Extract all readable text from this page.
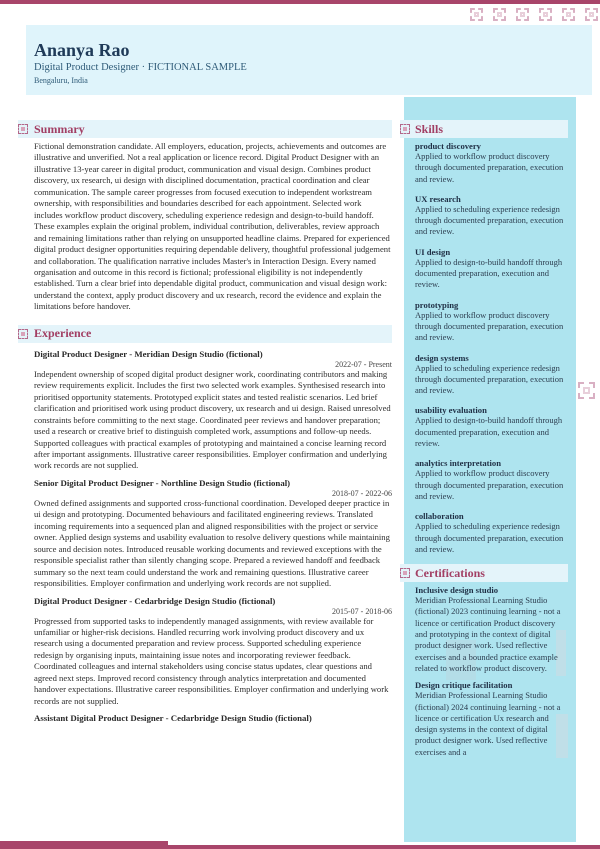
Ananya Rao
Digital Product Designer · FICTIONAL SAMPLE
Bengaluru, India
Summary

Fictional demonstration candidate. All employers, education, projects, achievements and outcomes are illustrative and unverified. Not a real application or licence record. Digital Product Designer with an illustrative 13-year career in digital product, communication and visual design. Combines product discovery, ux research, ui design with disciplined documentation, practical coordination and clear communication. The sample career progresses from focused execution to independent workstream ownership, with responsibilities and boundaries described for each appointment. Selected work includes workflow product discovery, scheduling experience redesign and design-to-build handoff. These examples explain the original problem, individual contribution, deliverables, review approach and remaining limitations rather than relying on unsupported headline claims. Prepared for experienced digital product designer opportunities requiring dependable delivery, thoughtful professional judgement and collaboration. The qualification narrative includes Master's in Interaction Design. Every named organisation and outcome in this record is fictional; professional eligibility is not independently established. Turn a clear brief into dependable digital product, communication and visual design work: understand the context, apply product discovery and ux research, record the evidence and explain the limitations before handover.

Experience
Digital Product Designer - Meridian Design Studio (fictional)
2022-07 - Present

Independent ownership of scoped digital product designer work, coordinating contributors and making review requirements explicit. Includes the first two selected work examples. Synthesised research into prioritised opportunity statements. Prototyped explicit states and tested realistic scenarios. Led brief clarification and prioritised work using product discovery, ux research and ui design. Raised unresolved constraints before committing to the next stage. Coordinated peer reviews and handover preparation; used a research or creative brief to distinguish completed work, assumptions and follow-up needs. Supported colleagues with practical examples of prototyping and maintained a concise learning record after important assignments. Illustrative career responsibilities. Employer confirmation and underlying work records are not supplied.

Senior Digital Product Designer - Northline Design Studio (fictional)
2018-07 - 2022-06

Owned defined assignments and supported cross-functional coordination. Developed deeper practice in ui design and prototyping. Documented behaviours and facilitated engineering reviews. Translated incoming requirements into a sequenced plan and aligned responsibilities with the project or service owner. Applied design systems and usability evaluation to resolve delivery questions while maintaining source and decision notes. Introduced reusable working documents and reviewed exceptions with the responsible specialist rather than silently changing scope. Prepared a reviewed handoff and feedback summary so the next team could understand the work and remaining questions. Illustrative career responsibilities. Employer confirmation and underlying work records are not supplied.

Digital Product Designer - Cedarbridge Design Studio (fictional)
2015-07 - 2018-06

Progressed from supported tasks to independently managed assignments, with review available for unfamiliar or higher-risk decisions. Handled recurring work involving product discovery and ux research using a documented preparation and review process. Supported scheduling experience redesign by organising inputs, maintaining issue notes and incorporating reviewer feedback. Coordinated colleagues and internal stakeholders using concise status updates, clear questions and agreed next steps. Improved record consistency through analytics interpretation and documented handover expectations. Illustrative career responsibilities. Employer confirmation and underlying work records are not supplied.

Assistant Digital Product Designer - Cedarbridge Design Studio (fictional)
Skills
product discovery
Applied to workflow product discovery through documented preparation, execution and review.
UX research
Applied to scheduling experience redesign through documented preparation, execution and review.
UI design
Applied to design-to-build handoff through documented preparation, execution and review.
prototyping
Applied to workflow product discovery through documented preparation, execution and review.
design systems
Applied to scheduling experience redesign through documented preparation, execution and review.
usability evaluation
Applied to design-to-build handoff through documented preparation, execution and review.
analytics interpretation
Applied to workflow product discovery through documented preparation, execution and review.
collaboration
Applied to scheduling experience redesign through documented preparation, execution and review.
Certifications
Inclusive design studio
Meridian Professional Learning Studio (fictional) 2023 continuing learning - not a licence or certification Product discovery and prototyping in the context of digital product designer work. Used reflective exercises and a bounded practice example related to workflow product discovery.
Design critique facilitation
Meridian Professional Learning Studio (fictional) 2024 continuing learning - not a licence or certification Ux research and design systems in the context of digital product designer work. Used reflective exercises and a
